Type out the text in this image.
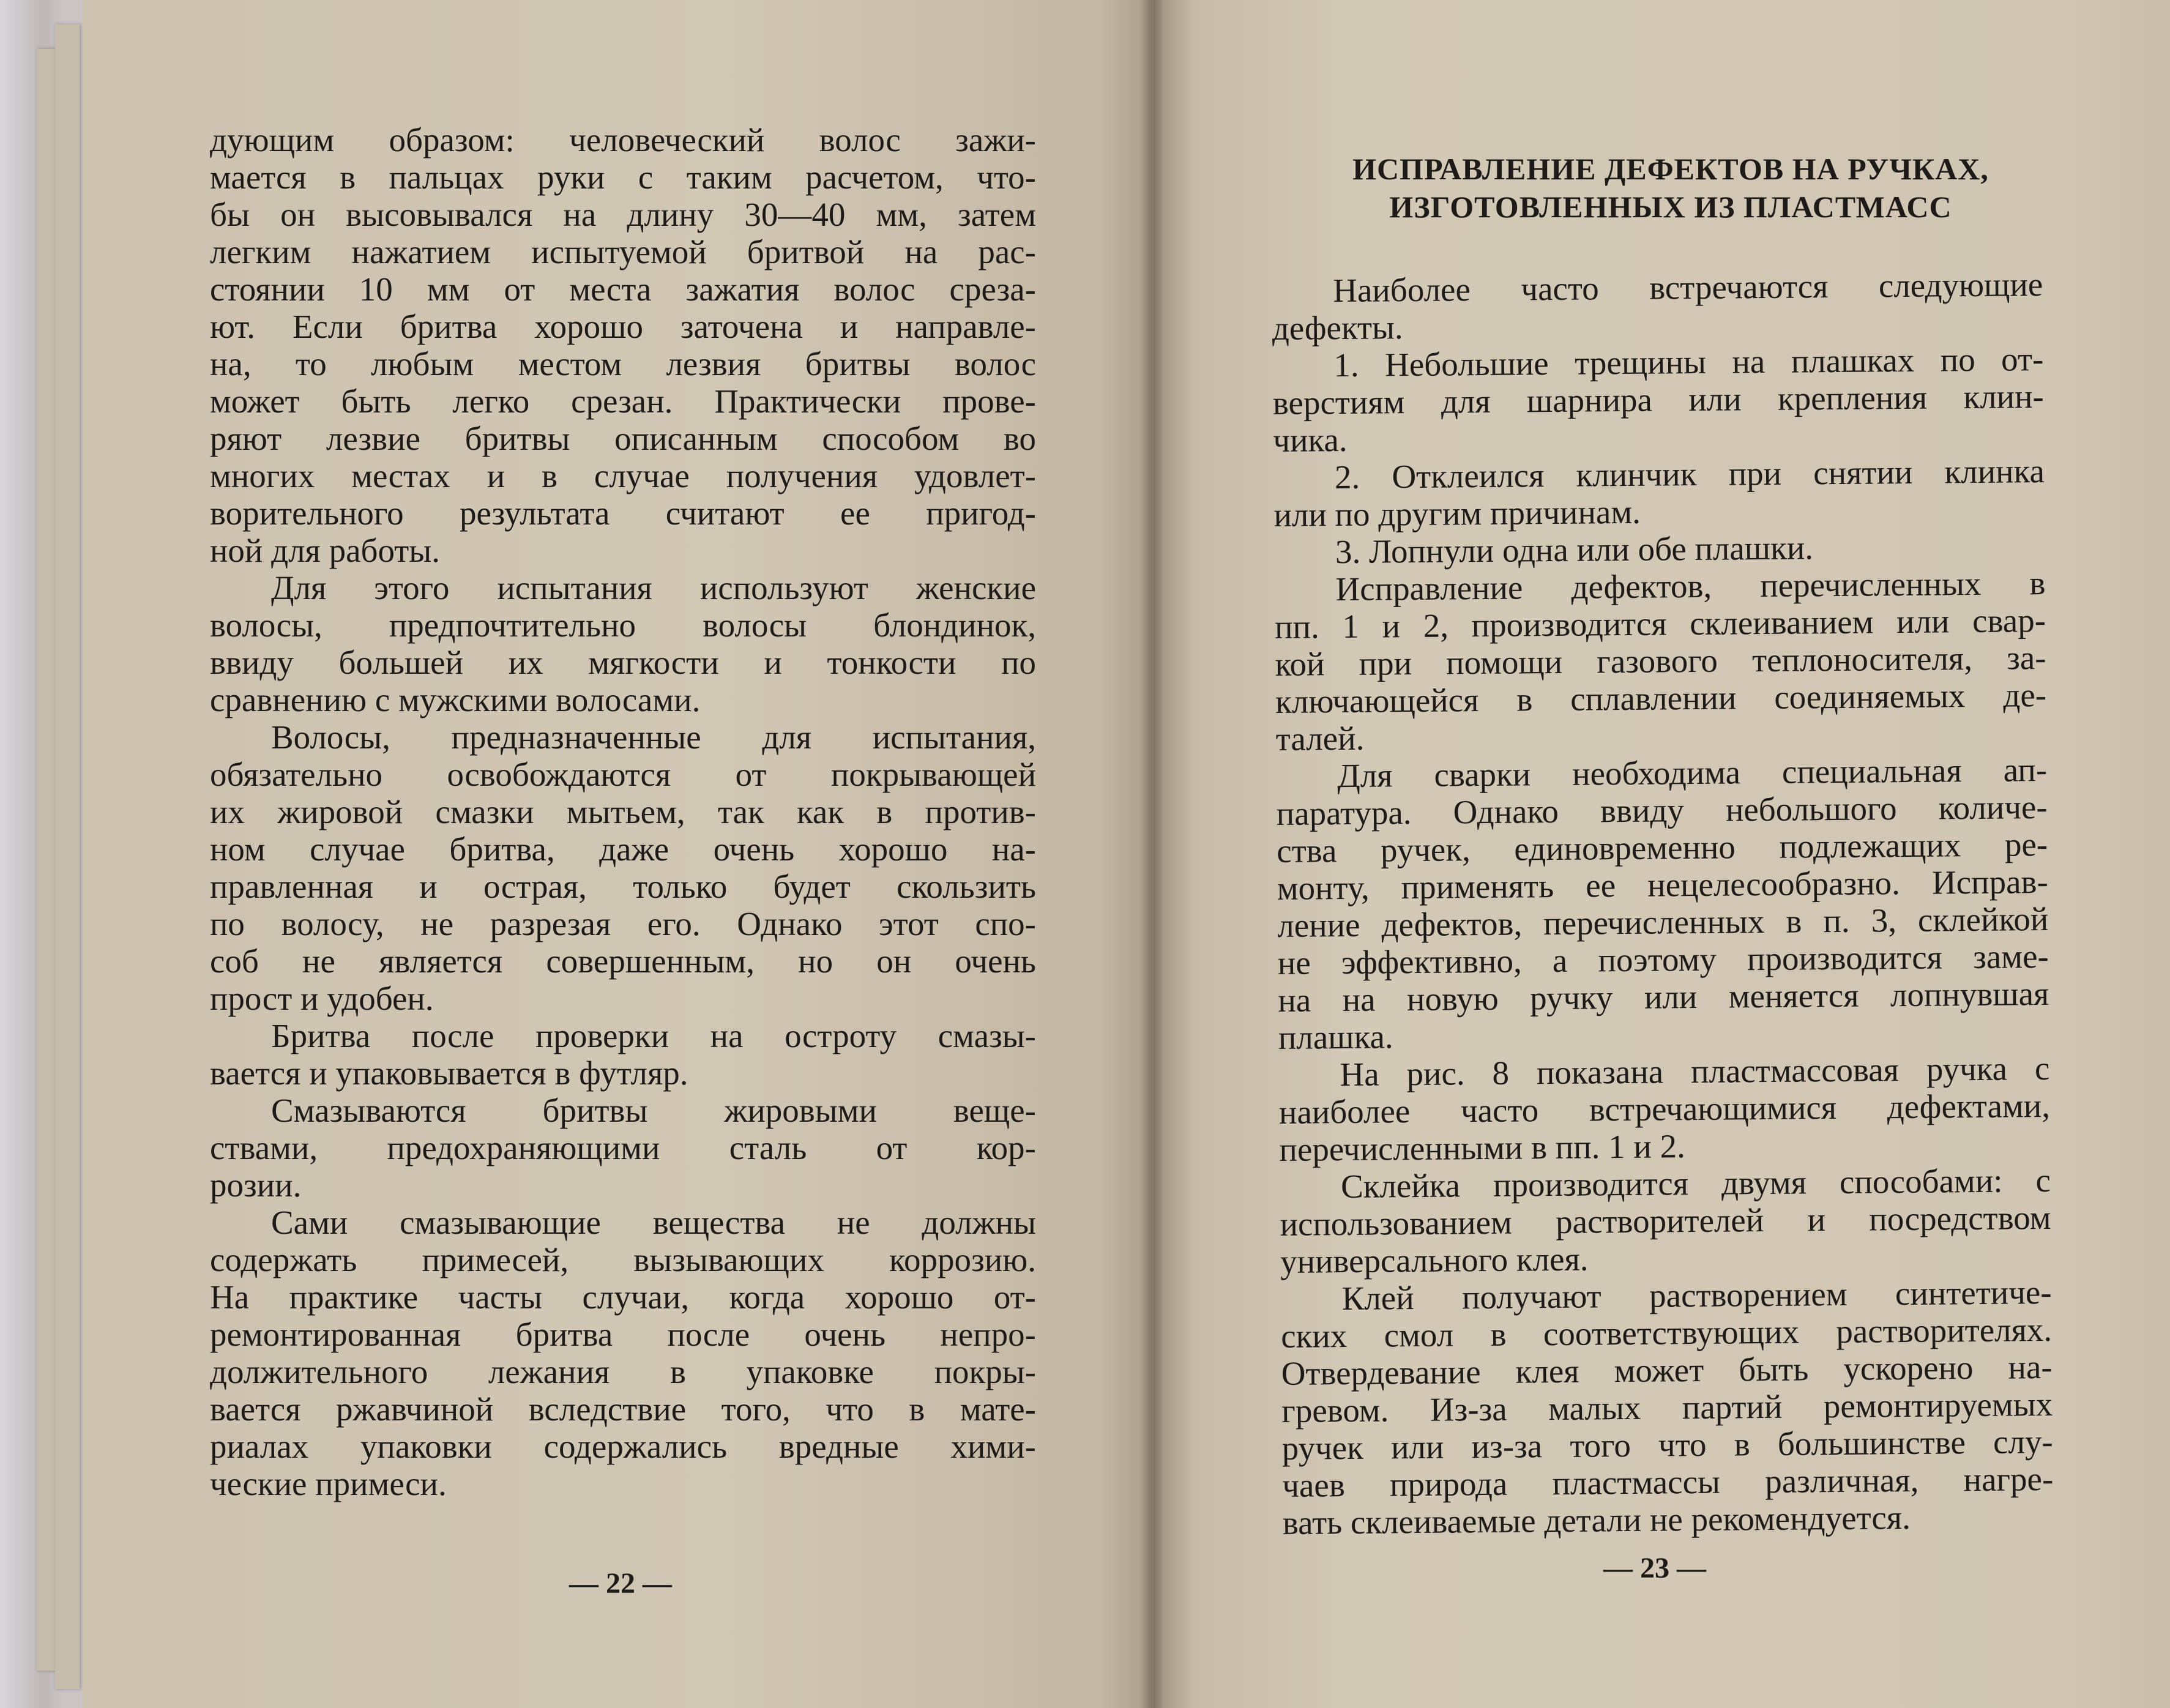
дующим образом: человеческий волос зажи-
мается в пальцах руки с таким расчетом, что-
бы он высовывался на длину 30—40 мм, затем
легким нажатием испытуемой бритвой на рас-
стоянии 10 мм от места зажатия волос среза-
ют. Если бритва хорошо заточена и направле-
на, то любым местом лезвия бритвы волос
может быть легко срезан. Практически прове-
ряют лезвие бритвы описанным способом во
многих местах и в случае получения удовлет-
ворительного результата считают ее пригод-
ной для работы.
Для этого испытания используют женские
волосы, предпочтительно волосы блондинок,
ввиду большей их мягкости и тонкости по
сравнению с мужскими волосами.
Волосы, предназначенные для испытания,
обязательно освобождаются от покрывающей
их жировой смазки мытьем, так как в против-
ном случае бритва, даже очень хорошо на-
правленная и острая, только будет скользить
по волосу, не разрезая его. Однако этот спо-
соб не является совершенным, но он очень
прост и удобен.
Бритва после проверки на остроту смазы-
вается и упаковывается в футляр.
Смазываются бритвы жировыми веще-
ствами, предохраняющими сталь от кор-
розии.
Сами смазывающие вещества не должны
содержать примесей, вызывающих коррозию.
На практике часты случаи, когда хорошо от-
ремонтированная бритва после очень непро-
должительного лежания в упаковке покры-
вается ржавчиной вследствие того, что в мате-
риалах упаковки содержались вредные хими-
ческие примеси.
— 22 —
ИСПРАВЛЕНИЕ ДЕФЕКТОВ НА РУЧКАХ,
ИЗГОТОВЛЕННЫХ ИЗ ПЛАСТМАСС
Наиболее часто встречаются следующие
дефекты.
1. Небольшие трещины на плашках по от-
верстиям для шарнира или крепления клин-
чика.
2. Отклеился клинчик при снятии клинка
или по другим причинам.
3. Лопнули одна или обе плашки.
Исправление дефектов, перечисленных в
пп. 1 и 2, производится склеиванием или свар-
кой при помощи газового теплоносителя, за-
ключающейся в сплавлении соединяемых де-
талей.
Для сварки необходима специальная ап-
паратура. Однако ввиду небольшого количе-
ства ручек, единовременно подлежащих ре-
монту, применять ее нецелесообразно. Исправ-
ление дефектов, перечисленных в п. 3, склейкой
не эффективно, а поэтому производится заме-
на на новую ручку или меняется лопнувшая
плашка.
На рис. 8 показана пластмассовая ручка с
наиболее часто встречающимися дефектами,
перечисленными в пп. 1 и 2.
Склейка производится двумя способами: с
использованием растворителей и посредством
универсального клея.
Клей получают растворением синтетиче-
ских смол в соответствующих растворителях.
Отвердевание клея может быть ускорено на-
гревом. Из-за малых партий ремонтируемых
ручек или из-за того что в большинстве слу-
чаев природа пластмассы различная, нагре-
вать склеиваемые детали не рекомендуется.
— 23 —
